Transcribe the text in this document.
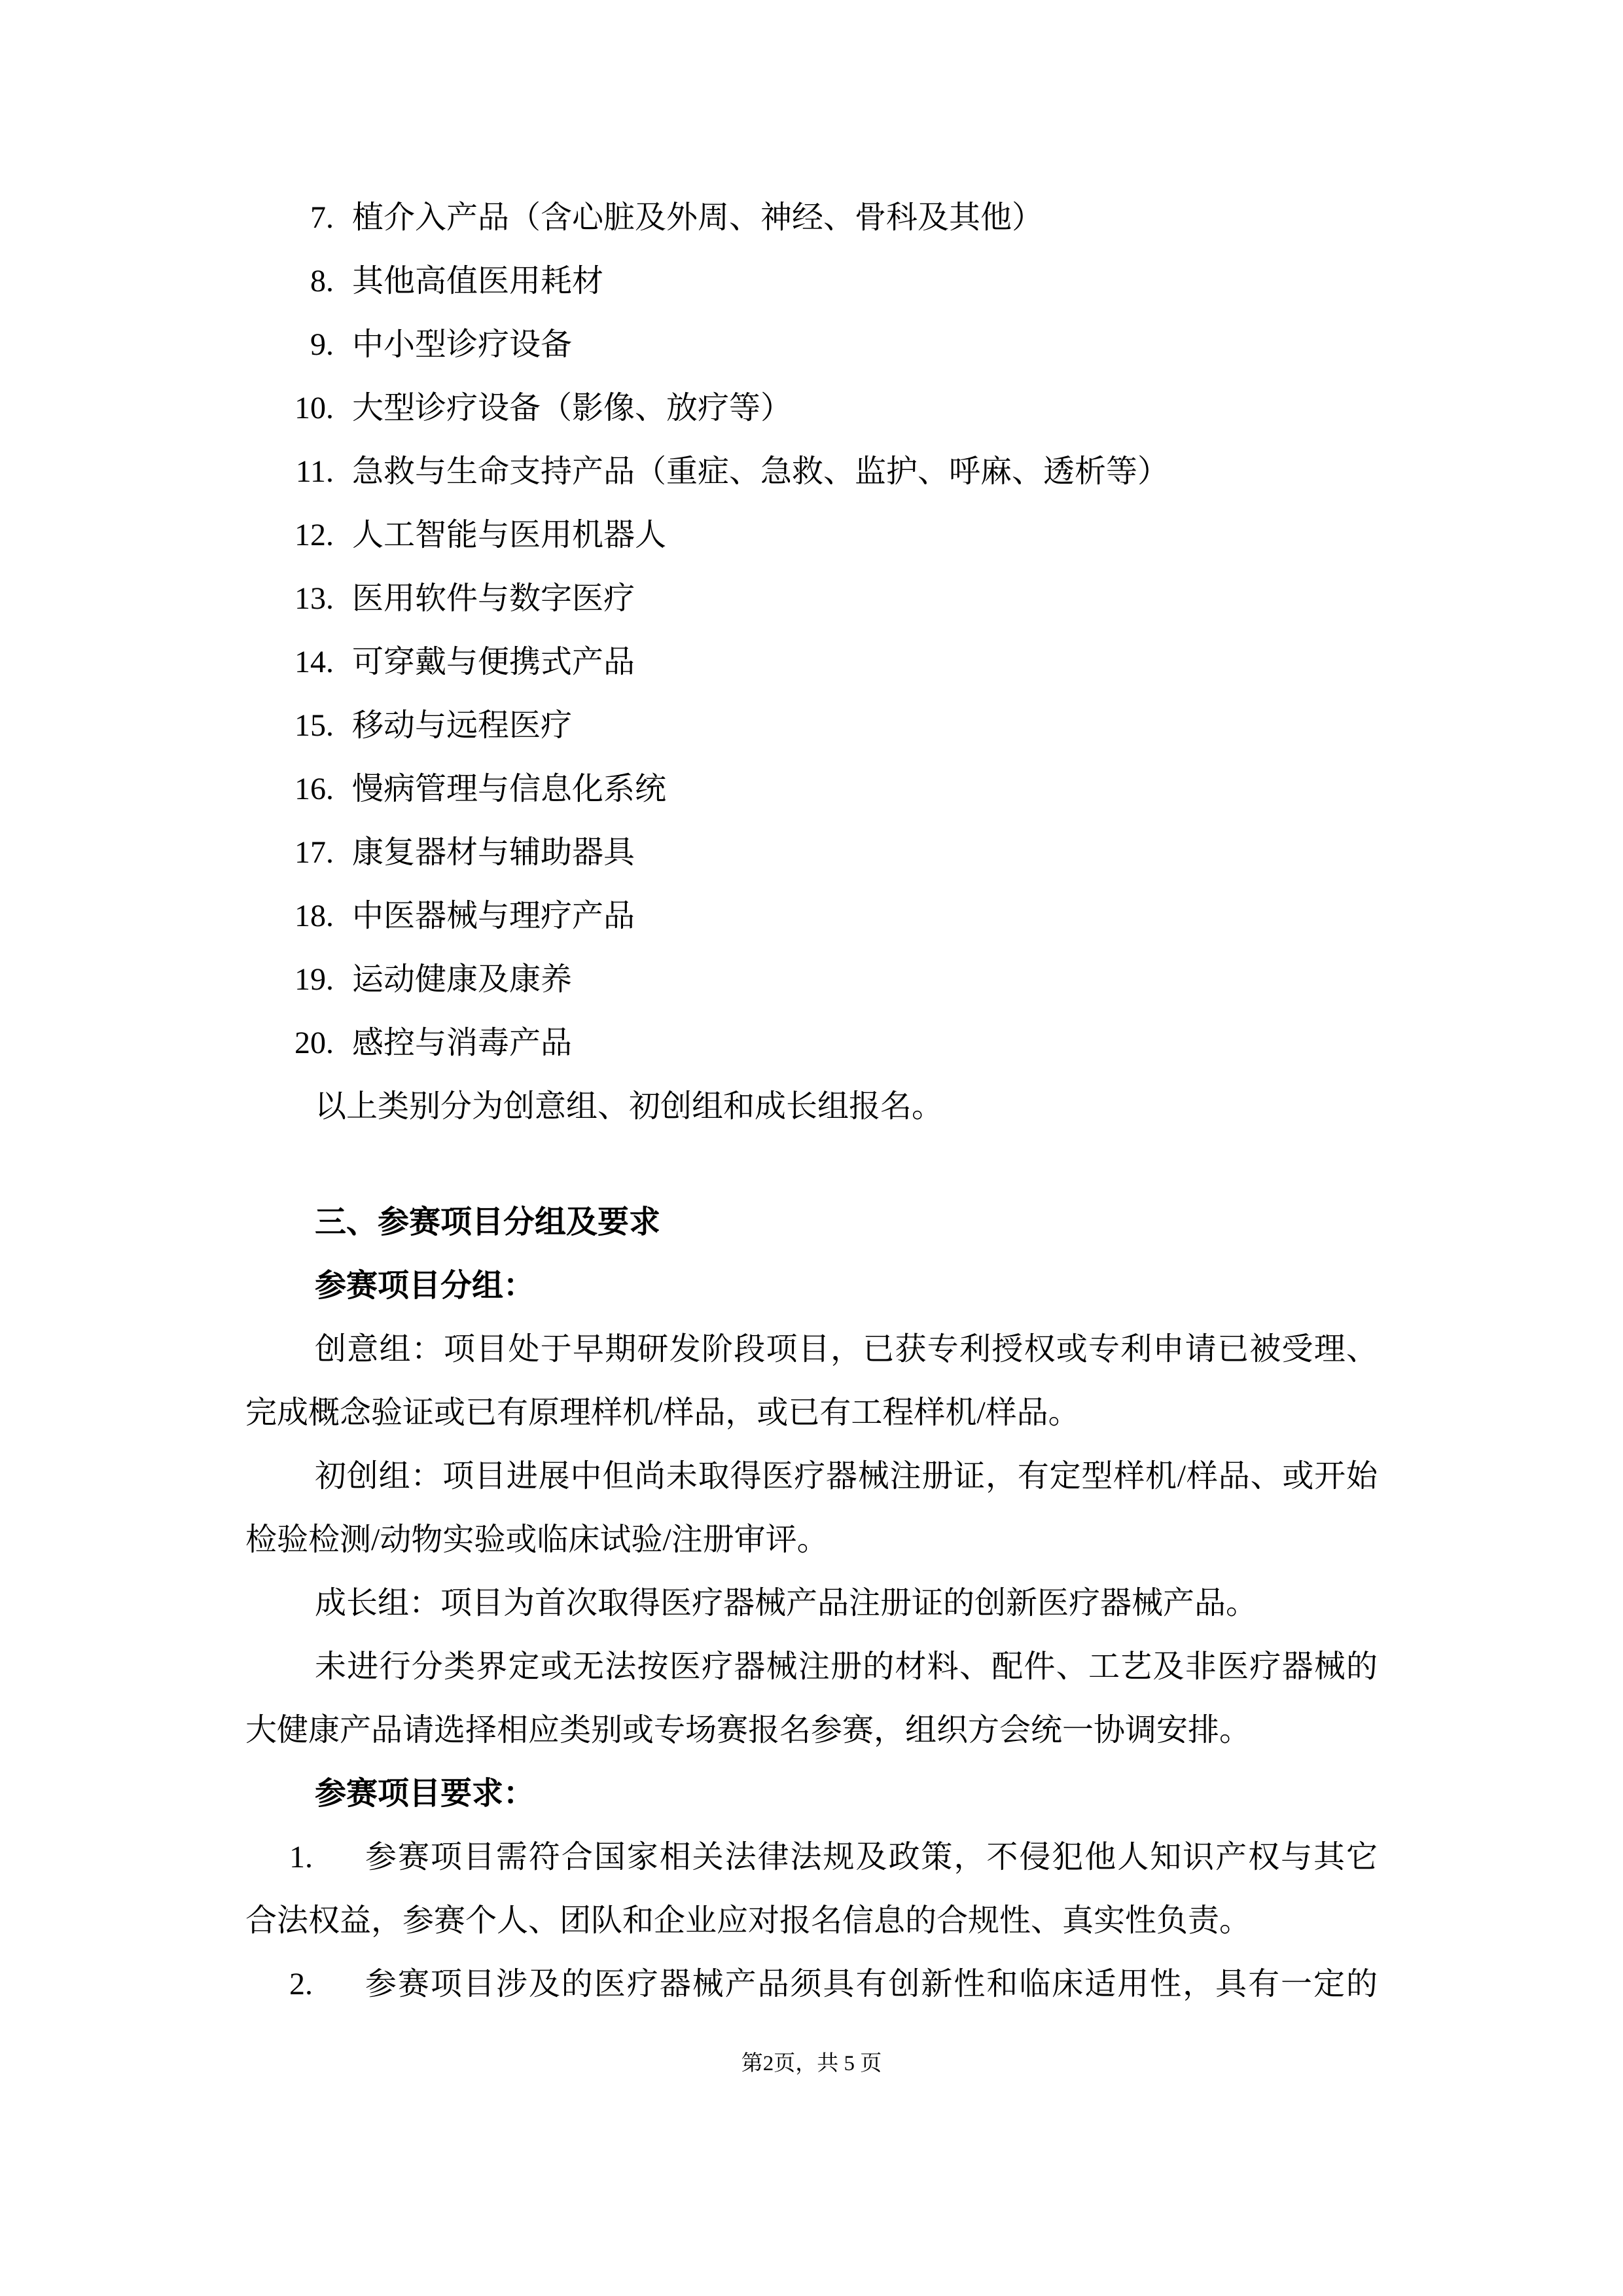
7. 植介入产品（含心脏及外周、神经、骨科及其他）
8. 其他高值医用耗材
9. 中小型诊疗设备
10. 大型诊疗设备（影像、放疗等）
11. 急救与生命支持产品（重症、急救、监护、呼麻、透析等）
12. 人工智能与医用机器人
13. 医用软件与数字医疗
14. 可穿戴与便携式产品
15. 移动与远程医疗
16. 慢病管理与信息化系统
17. 康复器材与辅助器具
18. 中医器械与理疗产品
19. 运动健康及康养
20. 感控与消毒产品
以上类别分为创意组、初创组和成长组报名。
三、参赛项目分组及要求
参赛项目分组：
创意组：项目处于早期研发阶段项目，已获专利授权或专利申请已被受理、
完成概念验证或已有原理样机/样品，或已有工程样机/样品。
初创组：项目进展中但尚未取得医疗器械注册证，有定型样机/样品、或开始
检验检测/动物实验或临床试验/注册审评。
成长组：项目为首次取得医疗器械产品注册证的创新医疗器械产品。
未进行分类界定或无法按医疗器械注册的材料、配件、工艺及非医疗器械的
大健康产品请选择相应类别或专场赛报名参赛，组织方会统一协调安排。
参赛项目要求：
1.	参赛项目需符合国家相关法律法规及政策，不侵犯他人知识产权与其它
合法权益，参赛个人、团队和企业应对报名信息的合规性、真实性负责。
2.	参赛项目涉及的医疗器械产品须具有创新性和临床适用性，具有一定的
第2页，共 5 页
